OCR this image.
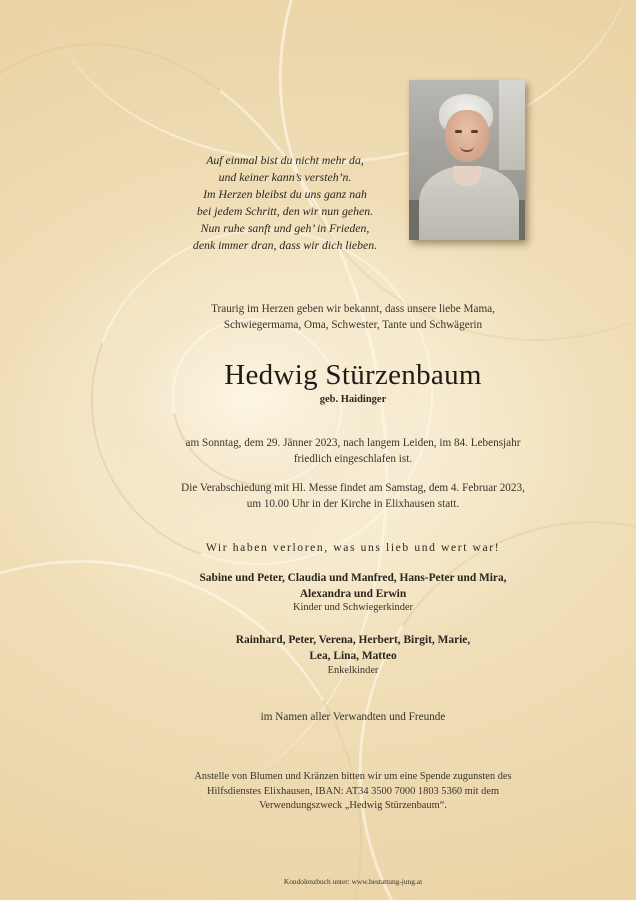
Auf einmal bist du nicht mehr da,
und keiner kann’s versteh’n.
Im Herzen bleibst du uns ganz nah
bei jedem Schritt, den wir nun gehen.
Nun ruhe sanft und geh’ in Frieden,
denk immer dran, dass wir dich lieben.
Traurig im Herzen geben wir bekannt, dass unsere liebe Mama,
Schwiegermama, Oma, Schwester, Tante und Schwägerin
Hedwig Stürzenbaum
geb. Haidinger
am Sonntag, dem 29. Jänner 2023, nach langem Leiden, im 84. Lebensjahr
friedlich eingeschlafen ist.
Die Verabschiedung mit Hl. Messe findet am Samstag, dem 4. Februar 2023,
um 10.00 Uhr in der Kirche in Elixhausen statt.
Wir haben verloren, was uns lieb und wert war!
Sabine und Peter, Claudia und Manfred, Hans-Peter und Mira,
Alexandra und Erwin
Kinder und Schwiegerkinder
Rainhard, Peter, Verena, Herbert, Birgit, Marie,
Lea, Lina, Matteo
Enkelkinder
im Namen aller Verwandten und Freunde
Anstelle von Blumen und Kränzen bitten wir um eine Spende zugunsten des
Hilfsdienstes Elixhausen, IBAN: AT34 3500 7000 1803 5360 mit dem
Verwendungszweck „Hedwig Stürzenbaum“.
Kondolenzbuch unter: www.bestattung-jung.at
